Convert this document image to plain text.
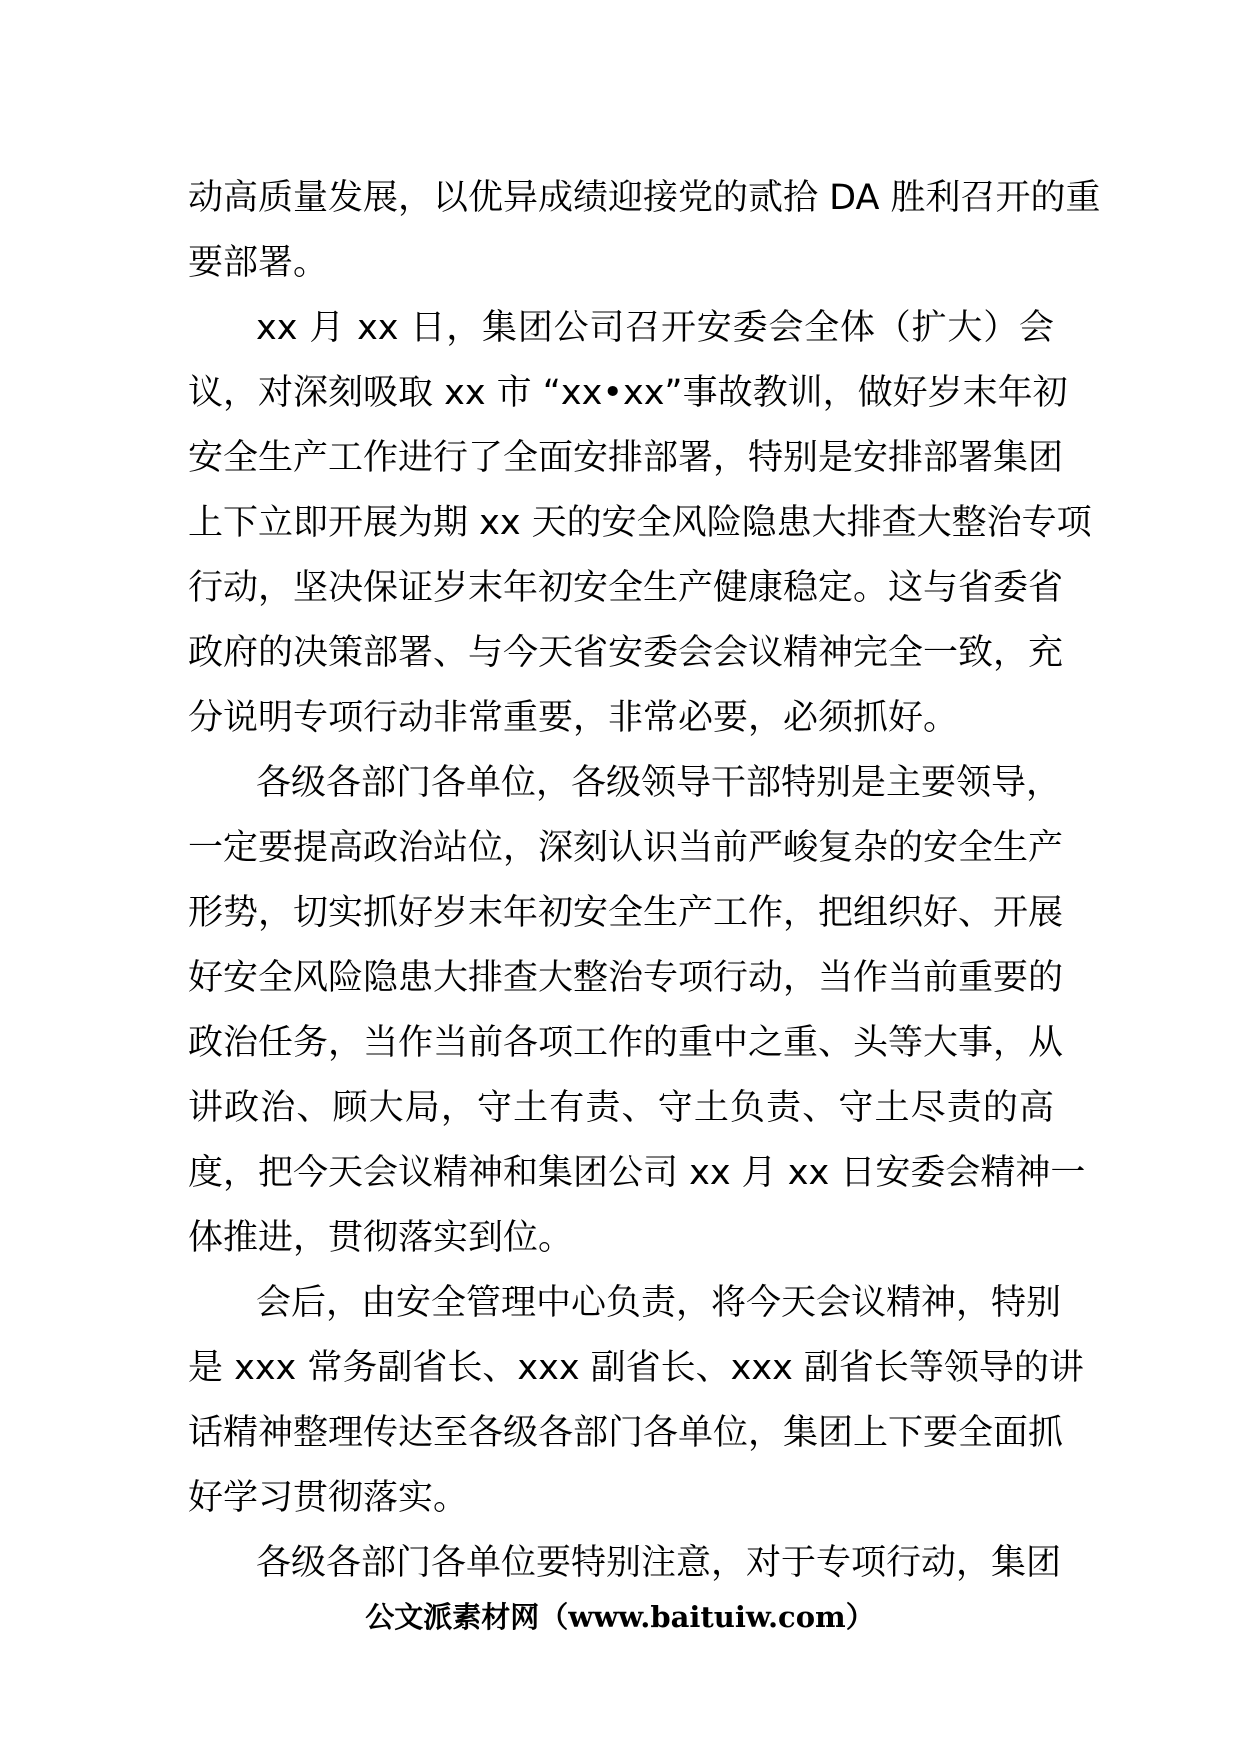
动高质量发展，以优异成绩迎接党的贰拾 DA 胜利召开的重
要部署。
xx 月 xx 日，集团公司召开安委会全体（扩大）会
议，对深刻吸取 xx 市 “xx•xx”事故教训，做好岁末年初
安全生产工作进行了全面安排部署，特别是安排部署集团
上下立即开展为期 xx 天的安全风险隐患大排查大整治专项
行动，坚决保证岁末年初安全生产健康稳定。这与省委省
政府的决策部署、与今天省安委会会议精神完全一致，充
分说明专项行动非常重要，非常必要，必须抓好。
各级各部门各单位，各级领导干部特别是主要领导，
一定要提高政治站位，深刻认识当前严峻复杂的安全生产
形势，切实抓好岁末年初安全生产工作，把组织好、开展
好安全风险隐患大排查大整治专项行动，当作当前重要的
政治任务，当作当前各项工作的重中之重、头等大事，从
讲政治、顾大局，守土有责、守土负责、守土尽责的高
度，把今天会议精神和集团公司 xx 月 xx 日安委会精神一
体推进，贯彻落实到位。
会后，由安全管理中心负责，将今天会议精神，特别
是 xxx 常务副省长、xxx 副省长、xxx 副省长等领导的讲
话精神整理传达至各级各部门各单位，集团上下要全面抓
好学习贯彻落实。
各级各部门各单位要特别注意，对于专项行动，集团
公文派素材网（www.baituiw.com）
